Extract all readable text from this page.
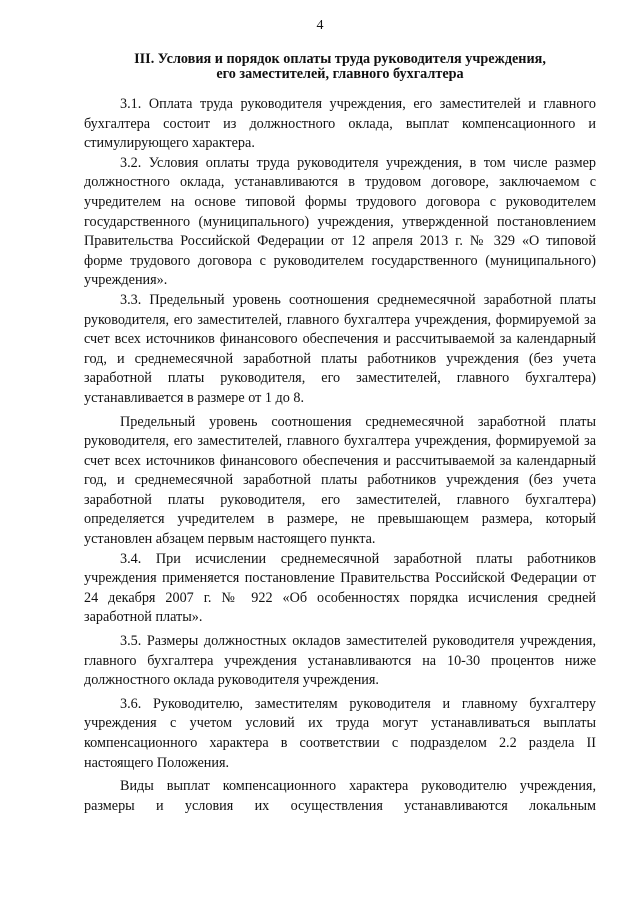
4
III. Условия и порядок оплаты труда руководителя учреждения,
его заместителей, главного бухгалтера

3.1. Оплата труда руководителя учреждения, его заместителей и главного бухгалтера состоит из должностного оклада, выплат компенсационного и стимулирующего характера.

3.2. Условия оплаты труда руководителя учреждения, в том числе размер должностного оклада, устанавливаются в трудовом договоре, заключаемом с учредителем на основе типовой формы трудового договора с руководителем государственного (муниципального) учреждения, утвержденной постановлением Правительства Российской Федерации от 12 апреля 2013 г. № 329 «О типовой форме трудового договора с руководителем государственного (муниципального) учреждения».

3.3. Предельный уровень соотношения среднемесячной заработной платы руководителя, его заместителей, главного бухгалтера учреждения, формируемой за счет всех источников финансового обеспечения и рассчитываемой за календарный год, и среднемесячной заработной платы работников учреждения (без учета заработной платы руководителя, его заместителей, главного бухгалтера) устанавливается в размере от 1 до 8.

Предельный уровень соотношения среднемесячной заработной платы руководителя, его заместителей, главного бухгалтера учреждения, формируемой за счет всех источников финансового обеспечения и рассчитываемой за календарный год, и среднемесячной заработной платы работников учреждения (без учета заработной платы руководителя, его заместителей, главного бухгалтера) определяется учредителем в размере, не превышающем размера, который установлен абзацем первым настоящего пункта.

3.4. При исчислении среднемесячной заработной платы работников учреждения применяется постановление Правительства Российской Федерации от 24 декабря 2007 г. № 922 «Об особенностях порядка исчисления средней заработной платы».

3.5. Размеры должностных окладов заместителей руководителя учреждения, главного бухгалтера учреждения устанавливаются на 10-30 процентов ниже должностного оклада руководителя учреждения.

3.6. Руководителю, заместителям руководителя и главному бухгалтеру учреждения с учетом условий их труда могут устанавливаться выплаты компенсационного характера в соответствии с подразделом 2.2 раздела II настоящего Положения.

Виды выплат компенсационного характера руководителю учреждения, размеры и условия их осуществления устанавливаются локальным
